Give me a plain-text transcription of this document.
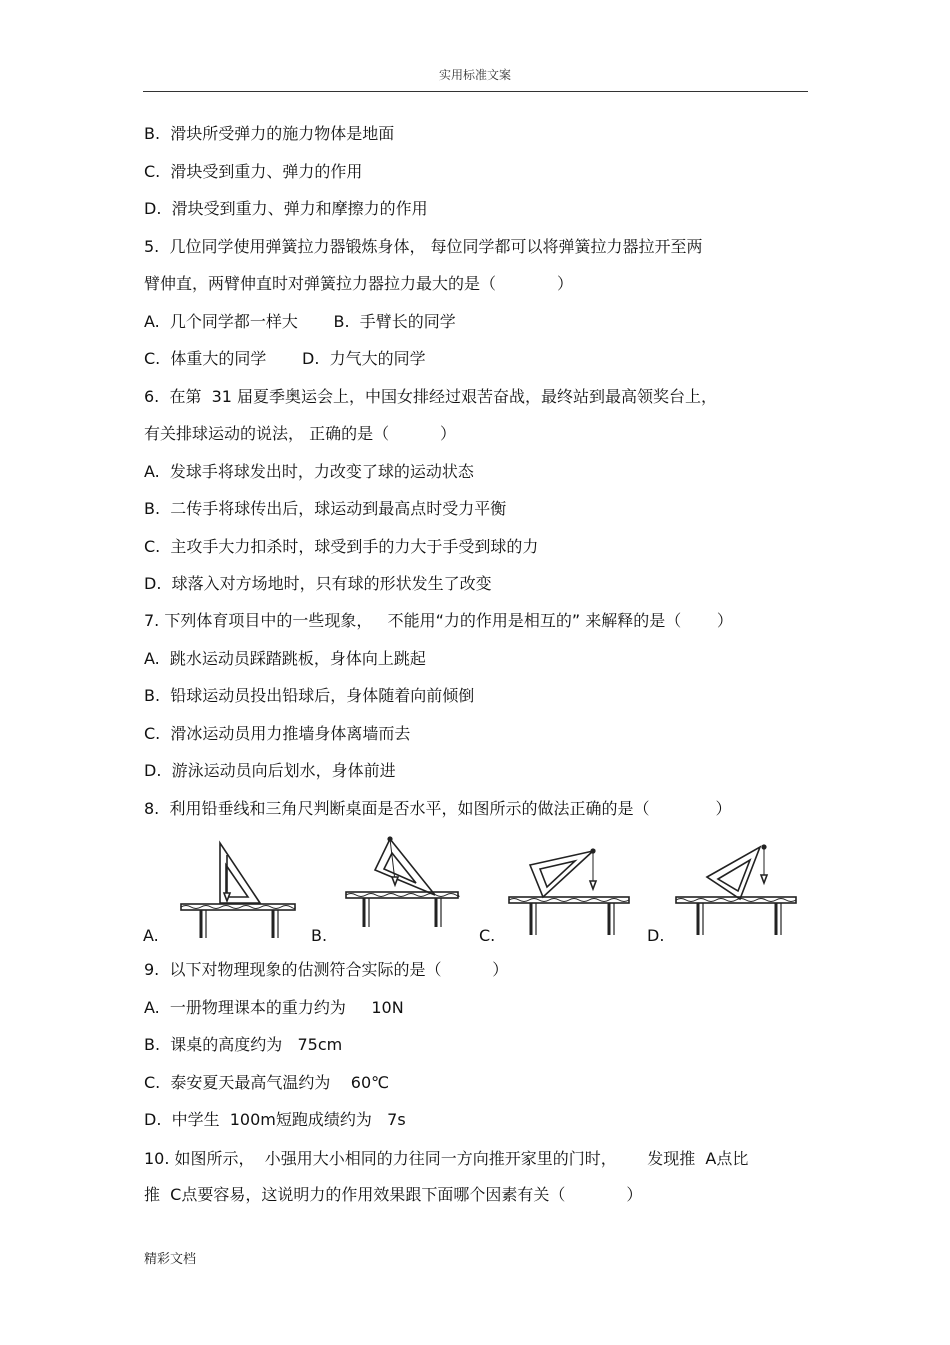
实用标准文案
B.  滑块所受弹力的施力物体是地面
C.  滑块受到重力、弹力的作用
D.  滑块受到重力、弹力和摩擦力的作用
5.  几位同学使用弹簧拉力器锻炼身体， 每位同学都可以将弹簧拉力器拉开至两
臂伸直，两臂伸直时对弹簧拉力器拉力最大的是（            ）
A.  几个同学都一样大       B.  手臂长的同学
C.  体重大的同学       D.  力气大的同学
6.  在第  31 届夏季奥运会上，中国女排经过艰苦奋战，最终站到最高领奖台上，
有关排球运动的说法， 正确的是（          ）
A.  发球手将球发出时，力改变了球的运动状态
B.  二传手将球传出后，球运动到最高点时受力平衡
C.  主攻手大力扣杀时，球受到手的力大于手受到球的力
D.  球落入对方场地时，只有球的形状发生了改变
7. 下列体育项目中的一些现象，   不能用“力的作用是相互的” 来解释的是（       ）
A.  跳水运动员踩踏跳板，身体向上跳起
B.  铅球运动员投出铅球后，身体随着向前倾倒
C.  滑冰运动员用力推墙身体离墙而去
D.  游泳运动员向后划水，身体前进
8.  利用铅垂线和三角尺判断桌面是否水平，如图所示的做法正确的是（             ）
A.	B.	C.	D.
9.  以下对物理现象的估测符合实际的是（          ）
A.  一册物理课本的重力约为     10N
B.  课桌的高度约为   75cm
C.  泰安夏天最高气温约为    60℃
D.  中学生  100m短跑成绩约为   7s
10. 如图所示，  小强用大小相同的力往同一方向推开家里的门时，      发现推  A点比
推  C点要容易，这说明力的作用效果跟下面哪个因素有关（            ）
精彩文档
